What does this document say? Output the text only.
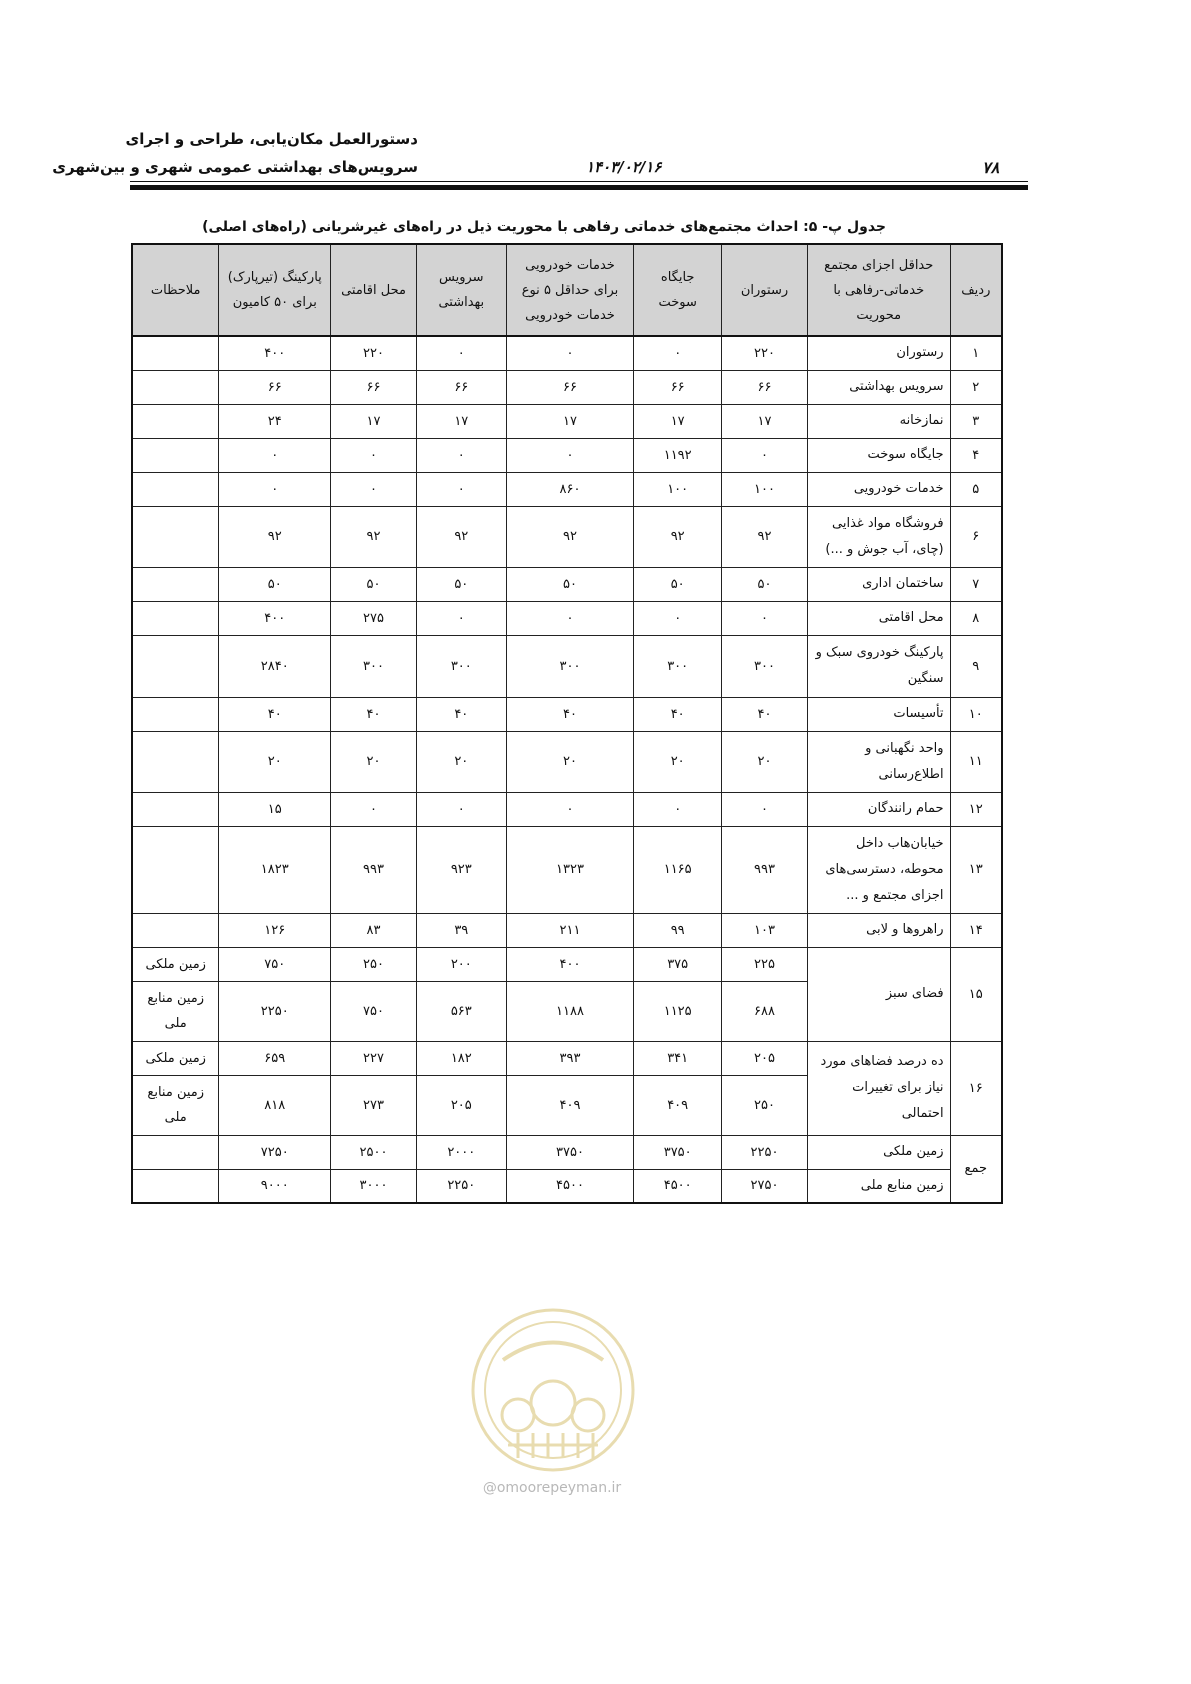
دستورالعمل مکان‌یابی، طراحی و اجرای
سرویس‌های بهداشتی عمومی شهری و بین‌شهری	۱۴۰۳/۰۲/۱۶	۷۸
جدول پ- ۵: احداث مجتمع‌های خدماتی رفاهی با محوریت ذیل در راه‌های غیرشریانی (راه‌های اصلی)
ردیف	حداقل اجزای مجتمع خدماتی-رفاهی با محوریت	رستوران	جایگاه سوخت	خدمات خودرویی برای حداقل ۵ نوع خدمات خودرویی	سرویس بهداشتی	محل اقامتی	پارکینگ (تیرپارک) برای ۵۰ کامیون	ملاحظات
۱	رستوران	۲۲۰	۰	۰	۰	۲۲۰	۴۰۰	
۲	سرویس بهداشتی	۶۶	۶۶	۶۶	۶۶	۶۶	۶۶	
۳	نمازخانه	۱۷	۱۷	۱۷	۱۷	۱۷	۲۴	
۴	جایگاه سوخت	۰	۱۱۹۲	۰	۰	۰	۰	
۵	خدمات خودرویی	۱۰۰	۱۰۰	۸۶۰	۰	۰	۰	
۶	فروشگاه مواد غذایی (چای، آب جوش و ...)	۹۲	۹۲	۹۲	۹۲	۹۲	۹۲	
۷	ساختمان اداری	۵۰	۵۰	۵۰	۵۰	۵۰	۵۰	
۸	محل اقامتی	۰	۰	۰	۰	۲۷۵	۴۰۰	
۹	پارکینگ خودروی سبک و سنگین	۳۰۰	۳۰۰	۳۰۰	۳۰۰	۳۰۰	۲۸۴۰	
۱۰	تأسیسات	۴۰	۴۰	۴۰	۴۰	۴۰	۴۰	
۱۱	واحد نگهبانی و اطلاع‌رسانی	۲۰	۲۰	۲۰	۲۰	۲۰	۲۰	
۱۲	حمام رانندگان	۰	۰	۰	۰	۰	۱۵	
۱۳	خیابان‌هاب داخل محوطه، دسترسی‌های اجزای مجتمع و ...	۹۹۳	۱۱۶۵	۱۳۲۳	۹۲۳	۹۹۳	۱۸۲۳	
۱۴	راهروها و لابی	۱۰۳	۹۹	۲۱۱	۳۹	۸۳	۱۲۶	
۱۵	فضای سبز	۲۲۵	۳۷۵	۴۰۰	۲۰۰	۲۵۰	۷۵۰	زمین ملکی
		۶۸۸	۱۱۲۵	۱۱۸۸	۵۶۳	۷۵۰	۲۲۵۰	زمین منابع ملی
۱۶	ده درصد فضاهای مورد نیاز برای تغییرات احتمالی	۲۰۵	۳۴۱	۳۹۳	۱۸۲	۲۲۷	۶۵۹	زمین ملکی
		۲۵۰	۴۰۹	۴۰۹	۲۰۵	۲۷۳	۸۱۸	زمین منابع ملی
جمع	زمین ملکی	۲۲۵۰	۳۷۵۰	۳۷۵۰	۲۰۰۰	۲۵۰۰	۷۲۵۰	
	زمین منابع ملی	۲۷۵۰	۴۵۰۰	۴۵۰۰	۲۲۵۰	۳۰۰۰	۹۰۰۰	
@omoorepeyman.ir
